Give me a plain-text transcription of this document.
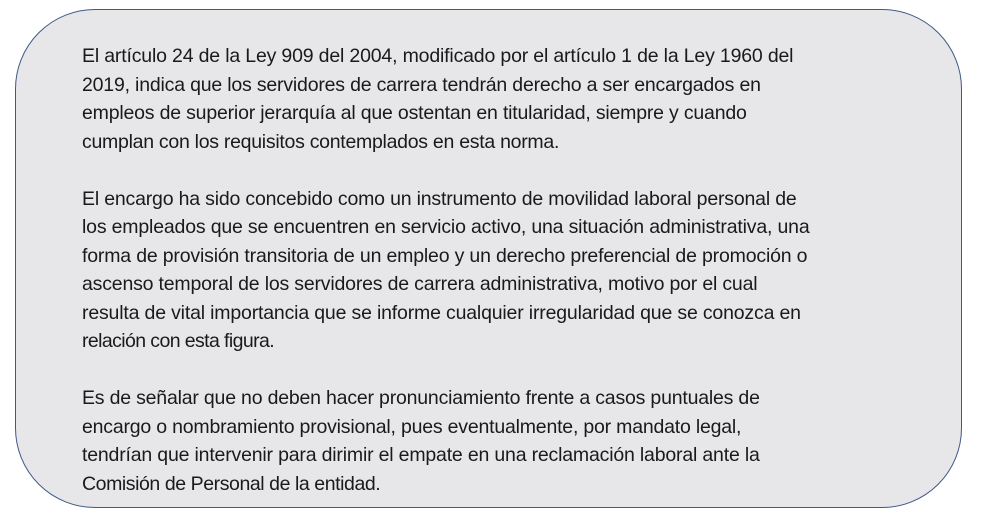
El artículo 24 de la Ley 909 del 2004, modificado por el artículo 1 de la Ley 1960 del
2019, indica que los servidores de carrera tendrán derecho a ser encargados en
empleos de superior jerarquía al que ostentan en titularidad, siempre y cuando
cumplan con los requisitos contemplados en esta norma.

El encargo ha sido concebido como un instrumento de movilidad laboral personal de
los empleados que se encuentren en servicio activo, una situación administrativa, una
forma de provisión transitoria de un empleo y un derecho preferencial de promoción o
ascenso temporal de los servidores de carrera administrativa, motivo por el cual
resulta de vital importancia que se informe cualquier irregularidad que se conozca en
relación con esta figura.

Es de señalar que no deben hacer pronunciamiento frente a casos puntuales de
encargo o nombramiento provisional, pues eventualmente, por mandato legal,
tendrían que intervenir para dirimir el empate en una reclamación laboral ante la
Comisión de Personal de la entidad.
